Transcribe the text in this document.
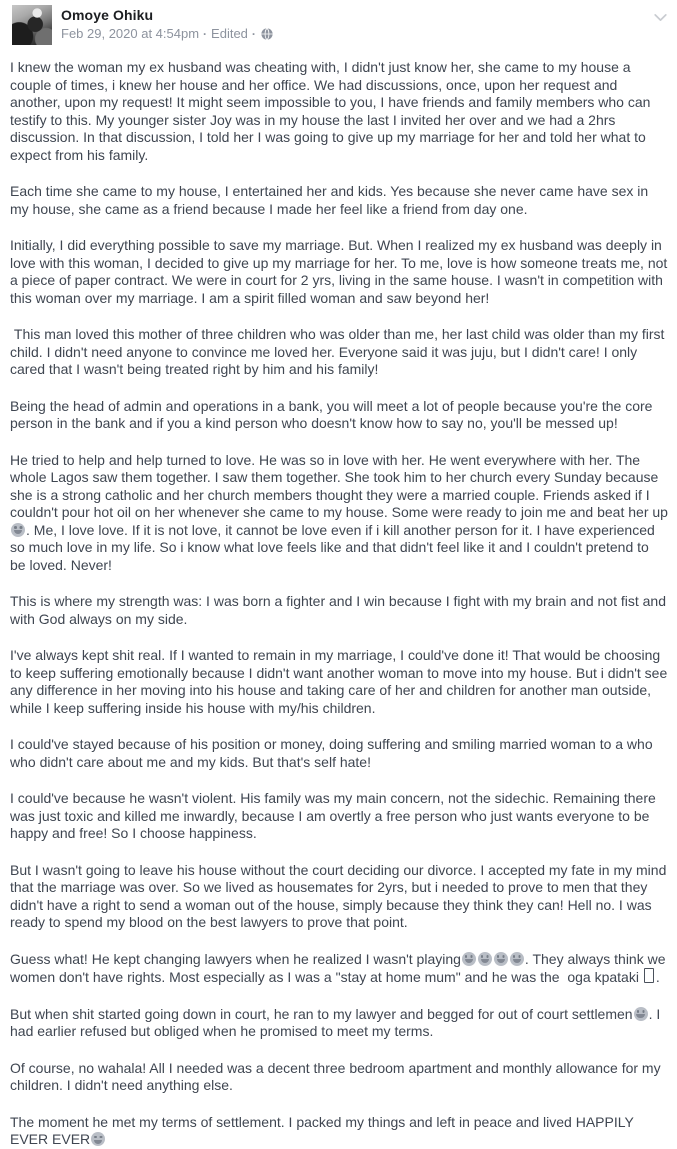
Omoye Ohiku
Feb 29, 2020 at 4:54pm · Edited ·

I knew the woman my ex husband was cheating with, I didn't just know her, she came to my house a couple of times, i knew her house and her office. We had discussions, once, upon her request and another, upon my request! It might seem impossible to you, I have friends and family members who can testify to this. My younger sister Joy was in my house the last I invited her over and we had a 2hrs discussion. In that discussion, I told her I was going to give up my marriage for her and told her what to expect from his family.

Each time she came to my house, I entertained her and kids. Yes because she never came have sex in my house, she came as a friend because I made her feel like a friend from day one.

Initially, I did everything possible to save my marriage. But. When I realized my ex husband was deeply in love with this woman, I decided to give up my marriage for her. To me, love is how someone treats me, not a piece of paper contract. We were in court for 2 yrs, living in the same house. I wasn't in competition with this woman over my marriage. I am a spirit filled woman and saw beyond her!

This man loved this mother of three children who was older than me, her last child was older than my first child. I didn't need anyone to convince me loved her. Everyone said it was juju, but I didn't care! I only cared that I wasn't being treated right by him and his family!

Being the head of admin and operations in a bank, you will meet a lot of people because you're the core person in the bank and if you a kind person who doesn't know how to say no, you'll be messed up!

He tried to help and help turned to love. He was so in love with her. He went everywhere with her. The whole Lagos saw them together. I saw them together. She took him to her church every Sunday because she is a strong catholic and her church members thought they were a married couple. Friends asked if I couldn't pour hot oil on her whenever she came to my house. Some were ready to join me and beat her up. Me, I love love. If it is not love, it cannot be love even if i kill another person for it. I have experienced so much love in my life. So i know what love feels like and that didn't feel like it and I couldn't pretend to be loved. Never!

This is where my strength was: I was born a fighter and I win because I fight with my brain and not fist and with God always on my side.

I've always kept shit real. If I wanted to remain in my marriage, I could've done it! That would be choosing to keep suffering emotionally because I didn't want another woman to move into my house. But i didn't see any difference in her moving into his house and taking care of her and children for another man outside, while I keep suffering inside his house with my/his children.

I could've stayed because of his position or money, doing suffering and smiling married woman to a who who didn't care about me and my kids. But that's self hate!

I could've because he wasn't violent. His family was my main concern, not the sidechic. Remaining there was just toxic and killed me inwardly, because I am overtly a free person who just wants everyone to be happy and free! So I choose happiness.

But I wasn't going to leave his house without the court deciding our divorce. I accepted my fate in my mind that the marriage was over. So we lived as housemates for 2yrs, but i needed to prove to men that they didn't have a right to send a woman out of the house, simply because they think they can! Hell no. I was ready to spend my blood on the best lawyers to prove that point.

Guess what! He kept changing lawyers when he realized I wasn't playing	. They always think we women don't have rights. Most especially as I was a "stay at home mum" and he was the  oga kpataki .

But when shit started going down in court, he ran to my lawyer and begged for out of court settlemen . I had earlier refused but obliged when he promised to meet my terms.

Of course, no wahala! All I needed was a decent three bedroom apartment and monthly allowance for my children. I didn't need anything else.

The moment he met my terms of settlement. I packed my things and left in peace and lived HAPPILY EVER EVER
